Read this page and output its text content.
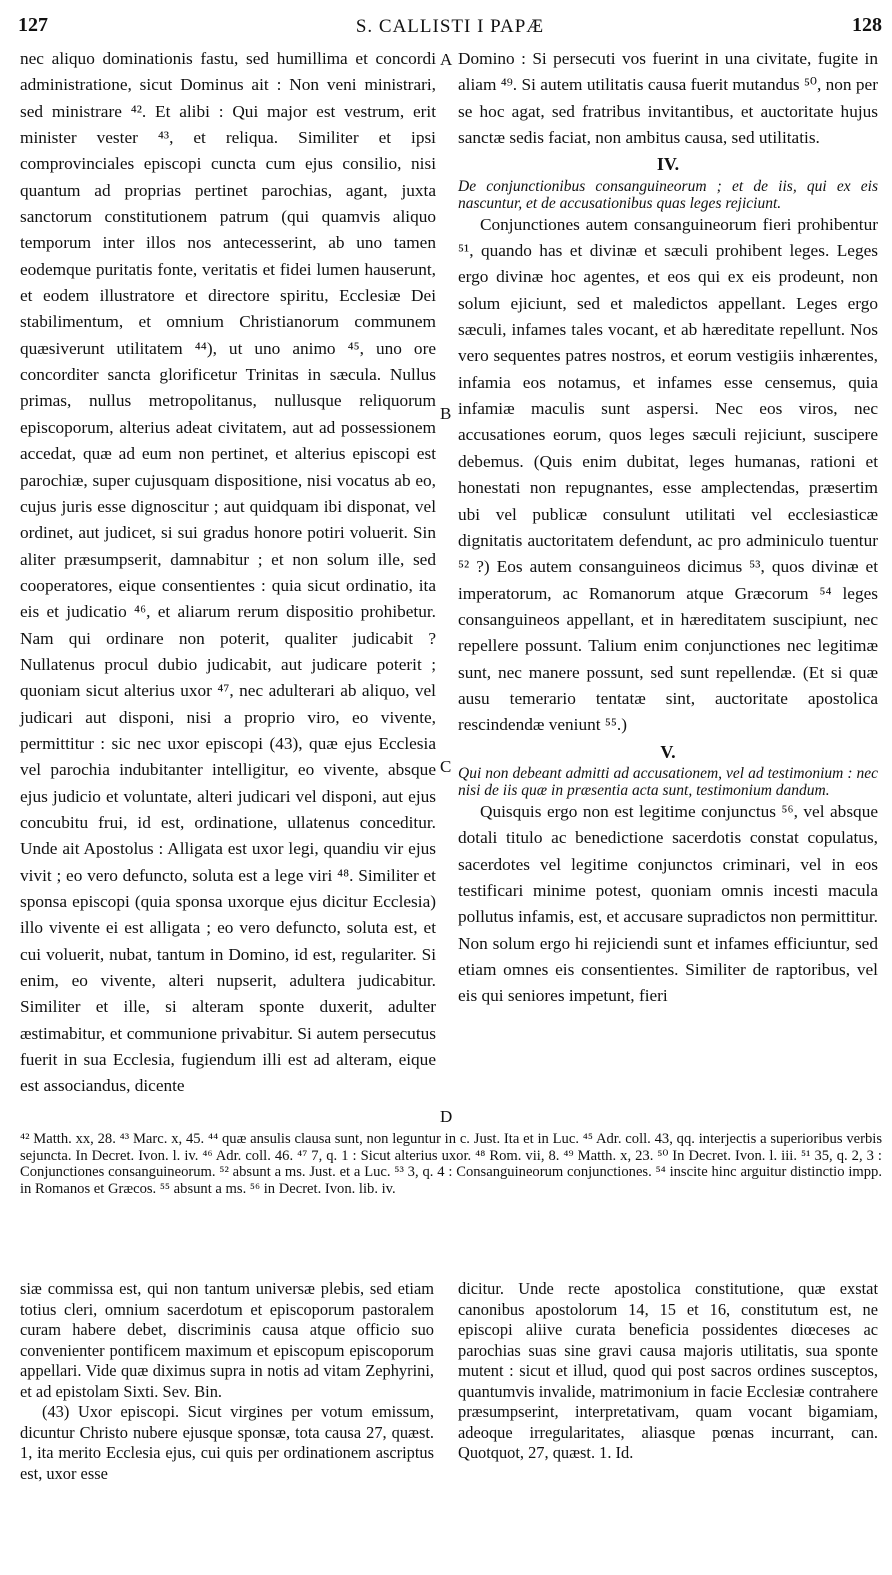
127	S. CALLISTI I PAPÆ	128
A
B
C
D

nec aliquo dominationis fastu, sed humillima et concordi administratione, sicut Dominus ait : Non veni ministrari, sed ministrare ⁴². Et alibi : Qui major est vestrum, erit minister vester ⁴³, et reliqua. Similiter et ipsi comprovinciales episcopi cuncta cum ejus consilio, nisi quantum ad proprias pertinet parochias, agant, juxta sanctorum constitutionem patrum (qui quamvis aliquo temporum inter illos nos antecesserint, ab uno tamen eodemque puritatis fonte, veritatis et fidei lumen hauserunt, et eodem illustratore et directore spiritu, Ecclesiæ Dei stabilimentum, et omnium Christianorum communem quæsiverunt utilitatem ⁴⁴), ut uno animo ⁴⁵, uno ore concorditer sancta glorificetur Trinitas in sæcula. Nullus primas, nullus metropolitanus, nullusque reliquorum episcoporum, alterius adeat civitatem, aut ad possessionem accedat, quæ ad eum non pertinet, et alterius episcopi est parochiæ, super cujusquam dispositione, nisi vocatus ab eo, cujus juris esse dignoscitur ; aut quidquam ibi disponat, vel ordinet, aut judicet, si sui gradus honore potiri voluerit. Sin aliter præsumpserit, damnabitur ; et non solum ille, sed cooperatores, eique consentientes : quia sicut ordinatio, ita eis et judicatio ⁴⁶, et aliarum rerum dispositio prohibetur. Nam qui ordinare non poterit, qualiter judicabit ? Nullatenus procul dubio judicabit, aut judicare poterit ; quoniam sicut alterius uxor ⁴⁷, nec adulterari ab aliquo, vel judicari aut disponi, nisi a proprio viro, eo vivente, permittitur : sic nec uxor episcopi (43), quæ ejus Ecclesia vel parochia indubitanter intelligitur, eo vivente, absque ejus judicio et voluntate, alteri judicari vel disponi, aut ejus concubitu frui, id est, ordinatione, ullatenus conceditur. Unde ait Apostolus : Alligata est uxor legi, quandiu vir ejus vivit ; eo vero defuncto, soluta est a lege viri ⁴⁸. Similiter et sponsa episcopi (quia sponsa uxorque ejus dicitur Ecclesia) illo vivente ei est alligata ; eo vero defuncto, soluta est, et cui voluerit, nubat, tantum in Domino, id est, regulariter. Si enim, eo vivente, alteri nupserit, adultera judicabitur. Similiter et ille, si alteram sponte duxerit, adulter æstimabitur, et communione privabitur. Si autem persecutus fuerit in sua Ecclesia, fugiendum illi est ad alteram, eique est associandus, dicente

Domino : Si persecuti vos fuerint in una civitate, fugite in aliam ⁴⁹. Si autem utilitatis causa fuerit mutandus ⁵⁰, non per se hoc agat, sed fratribus invitantibus, et auctoritate hujus sanctæ sedis faciat, non ambitus causa, sed utilitatis.

IV.

De conjunctionibus consanguineorum ; et de iis, qui ex eis nascuntur, et de accusationibus quas leges rejiciunt.

Conjunctiones autem consanguineorum fieri prohibentur ⁵¹, quando has et divinæ et sæculi prohibent leges. Leges ergo divinæ hoc agentes, et eos qui ex eis prodeunt, non solum ejiciunt, sed et maledictos appellant. Leges ergo sæculi, infames tales vocant, et ab hæreditate repellunt. Nos vero sequentes patres nostros, et eorum vestigiis inhærentes, infamia eos notamus, et infames esse censemus, quia infamiæ maculis sunt aspersi. Nec eos viros, nec accusationes eorum, quos leges sæculi rejiciunt, suscipere debemus. (Quis enim dubitat, leges humanas, rationi et honestati non repugnantes, esse amplectendas, præsertim ubi vel publicæ consulunt utilitati vel ecclesiasticæ dignitatis auctoritatem defendunt, ac pro adminiculo tuentur ⁵² ?) Eos autem consanguineos dicimus ⁵³, quos divinæ et imperatorum, ac Romanorum atque Græcorum ⁵⁴ leges consanguineos appellant, et in hæreditatem suscipiunt, nec repellere possunt. Talium enim conjunctiones nec legitimæ sunt, nec manere possunt, sed sunt repellendæ. (Et si quæ ausu temerario tentatæ sint, auctoritate apostolica rescindendæ veniunt ⁵⁵.)

V.

Qui non debeant admitti ad accusationem, vel ad testimonium : nec nisi de iis quæ in præsentia acta sunt, testimonium dandum.

Quisquis ergo non est legitime conjunctus ⁵⁶, vel absque dotali titulo ac benedictione sacerdotis constat copulatus, sacerdotes vel legitime conjunctos criminari, vel in eos testificari minime potest, quoniam omnis incesti macula pollutus infamis, est, et accusare supradictos non permittitur. Non solum ergo hi rejiciendi sunt et infames efficiuntur, sed etiam omnes eis consentientes. Similiter de raptoribus, vel eis qui seniores impetunt, fieri

⁴² Matth. xx, 28. ⁴³ Marc. x, 45. ⁴⁴ quæ ansulis clausa sunt, non leguntur in c. Just. Ita et in Luc. ⁴⁵ Adr. coll. 43, qq. interjectis a superioribus verbis sejuncta. In Decret. Ivon. l. iv. ⁴⁶ Adr. coll. 46. ⁴⁷ 7, q. 1 : Sicut alterius uxor. ⁴⁸ Rom. vii, 8. ⁴⁹ Matth. x, 23. ⁵⁰ In Decret. Ivon. l. iii. ⁵¹ 35, q. 2, 3 : Conjunctiones consanguineorum. ⁵² absunt a ms. Just. et a Luc. ⁵³ 3, q. 4 : Consanguineorum conjunctiones. ⁵⁴ inscite hinc arguitur distinctio impp. in Romanos et Græcos. ⁵⁵ absunt a ms. ⁵⁶ in Decret. Ivon. lib. iv.

siæ commissa est, qui non tantum universæ plebis, sed etiam totius cleri, omnium sacerdotum et episcoporum pastoralem curam habere debet, discriminis causa atque officio suo convenienter pontificem maximum et episcopum episcoporum appellari. Vide quæ diximus supra in notis ad vitam Zephyrini, et ad epistolam Sixti. Sev. Bin.

(43) Uxor episcopi. Sicut virgines per votum emissum, dicuntur Christo nubere ejusque sponsæ, tota causa 27, quæst. 1, ita merito Ecclesia ejus, cui quis per ordinationem ascriptus est, uxor esse

dicitur. Unde recte apostolica constitutione, quæ exstat canonibus apostolorum 14, 15 et 16, constitutum est, ne episcopi aliive curata beneficia possidentes diœceses ac parochias suas sine gravi causa majoris utilitatis, sua sponte mutent : sicut et illud, quod qui post sacros ordines susceptos, quantumvis invalide, matrimonium in facie Ecclesiæ contrahere præsumpserint, interpretativam, quam vocant bigamiam, adeoque irregularitates, aliasque pœnas incurrant, can. Quotquot, 27, quæst. 1. Id.
